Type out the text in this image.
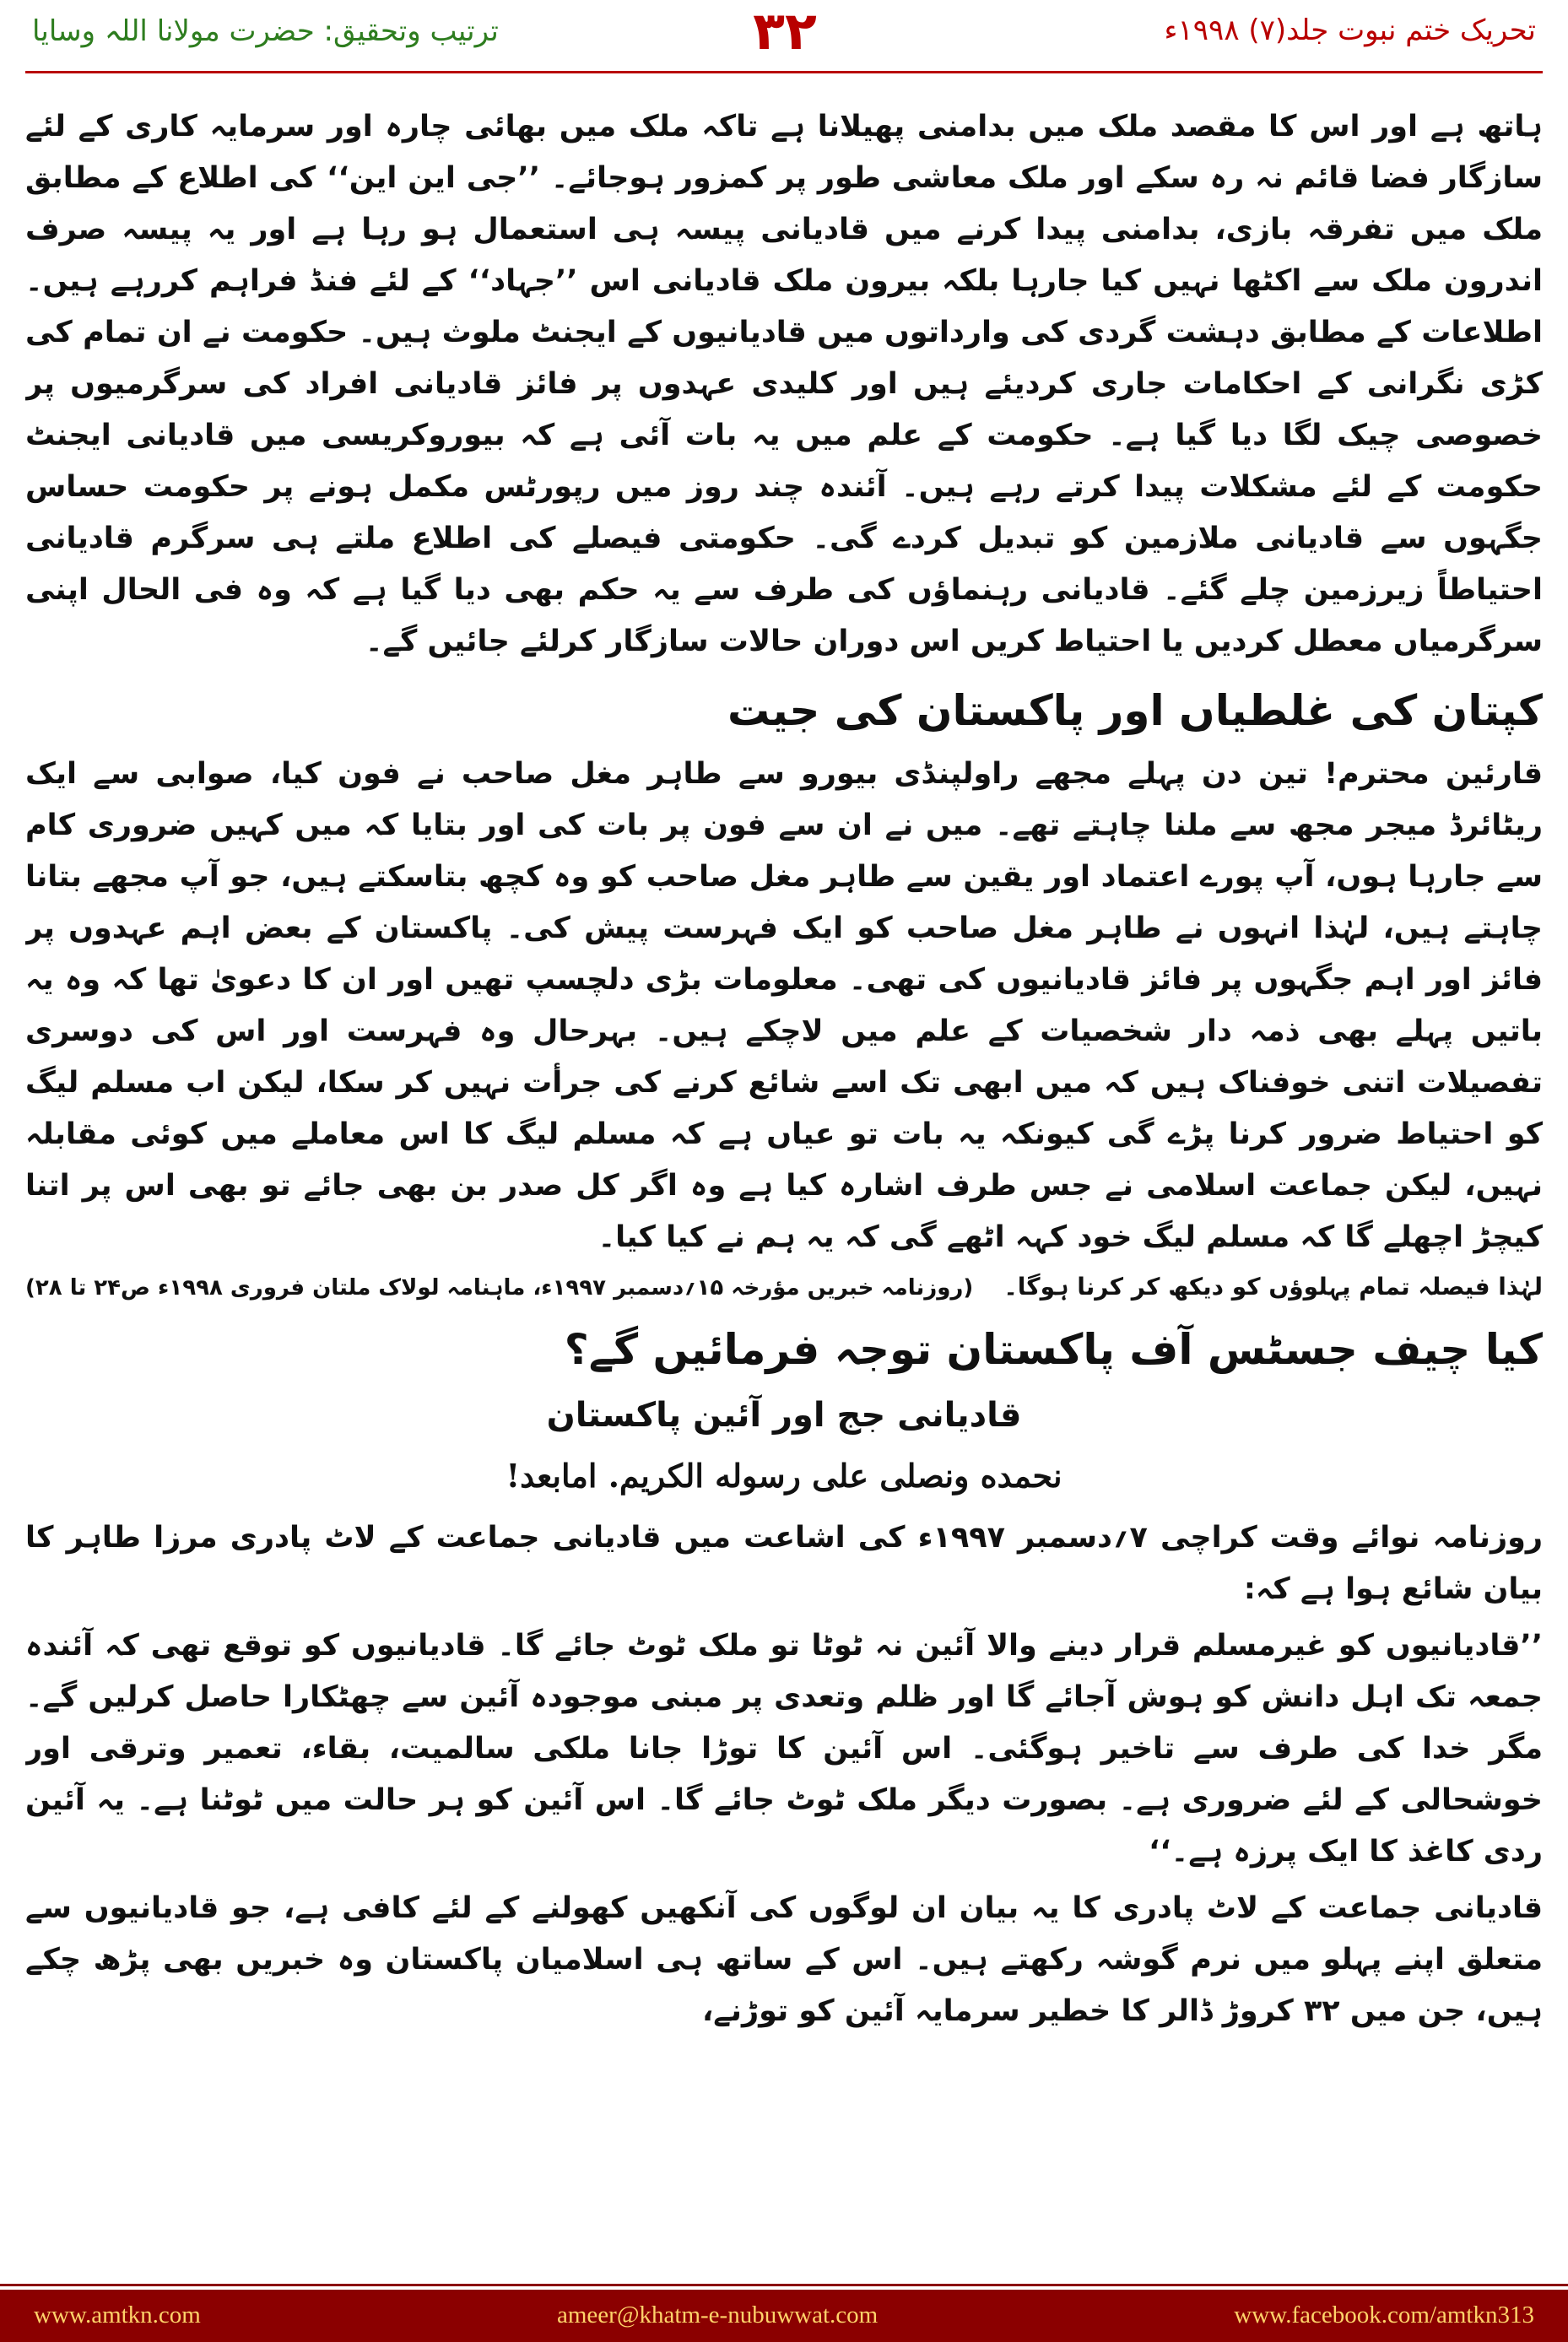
ترتیب وتحقیق: حضرت مولانا اللہ وسایا	۳۲	تحریک ختم نبوت جلد(۷) ۱۹۹۸ء

ہاتھ ہے اور اس کا مقصد ملک میں بدامنی پھیلانا ہے تاکہ ملک میں بھائی چارہ اور سرمایہ کاری کے لئے سازگار فضا قائم نہ رہ سکے اور ملک معاشی طور پر کمزور ہوجائے۔ ’’جی این این‘‘ کی اطلاع کے مطابق ملک میں تفرقہ بازی، بدامنی پیدا کرنے میں قادیانی پیسہ ہی استعمال ہو رہا ہے اور یہ پیسہ صرف اندرون ملک سے اکٹھا نہیں کیا جارہا بلکہ بیرون ملک قادیانی اس ’’جہاد‘‘ کے لئے فنڈ فراہم کررہے ہیں۔ اطلاعات کے مطابق دہشت گردی کی وارداتوں میں قادیانیوں کے ایجنٹ ملوث ہیں۔ حکومت نے ان تمام کی کڑی نگرانی کے احکامات جاری کردیئے ہیں اور کلیدی عہدوں پر فائز قادیانی افراد کی سرگرمیوں پر خصوصی چیک لگا دیا گیا ہے۔ حکومت کے علم میں یہ بات آئی ہے کہ بیوروکریسی میں قادیانی ایجنٹ حکومت کے لئے مشکلات پیدا کرتے رہے ہیں۔ آئندہ چند روز میں رپورٹس مکمل ہونے پر حکومت حساس جگہوں سے قادیانی ملازمین کو تبدیل کردے گی۔ حکومتی فیصلے کی اطلاع ملتے ہی سرگرم قادیانی احتیاطاً زیرزمین چلے گئے۔ قادیانی رہنماؤں کی طرف سے یہ حکم بھی دیا گیا ہے کہ وہ فی الحال اپنی سرگرمیاں معطل کردیں یا احتیاط کریں اس دوران حالات سازگار کرلئے جائیں گے۔

کپتان کی غلطیاں اور پاکستان کی جیت

قارئین محترم! تین دن پہلے مجھے راولپنڈی بیورو سے طاہر مغل صاحب نے فون کیا، صوابی سے ایک ریٹائرڈ میجر مجھ سے ملنا چاہتے تھے۔ میں نے ان سے فون پر بات کی اور بتایا کہ میں کہیں ضروری کام سے جارہا ہوں، آپ پورے اعتماد اور یقین سے طاہر مغل صاحب کو وہ کچھ بتاسکتے ہیں، جو آپ مجھے بتانا چاہتے ہیں، لہٰذا انہوں نے طاہر مغل صاحب کو ایک فہرست پیش کی۔ پاکستان کے بعض اہم عہدوں پر فائز اور اہم جگہوں پر فائز قادیانیوں کی تھی۔ معلومات بڑی دلچسپ تھیں اور ان کا دعویٰ تھا کہ وہ یہ باتیں پہلے بھی ذمہ دار شخصیات کے علم میں لاچکے ہیں۔ بہرحال وہ فہرست اور اس کی دوسری تفصیلات اتنی خوفناک ہیں کہ میں ابھی تک اسے شائع کرنے کی جرأت نہیں کر سکا، لیکن اب مسلم لیگ کو احتیاط ضرور کرنا پڑے گی کیونکہ یہ بات تو عیاں ہے کہ مسلم لیگ کا اس معاملے میں کوئی مقابلہ نہیں، لیکن جماعت اسلامی نے جس طرف اشارہ کیا ہے وہ اگر کل صدر بن بھی جائے تو بھی اس پر اتنا کیچڑ اچھلے گا کہ مسلم لیگ خود کہہ اٹھے گی کہ یہ ہم نے کیا کیا۔

لہٰذا فیصلہ تمام پہلوؤں کو دیکھ کر کرنا ہوگا۔
(روزنامہ خبریں مؤرخہ ۱۵؍دسمبر ۱۹۹۷ء، ماہنامہ لولاک ملتان فروری ۱۹۹۸ء ص۲۴ تا ۲۸)
کیا چیف جسٹس آف پاکستان توجہ فرمائیں گے؟
قادیانی جج اور آئین پاکستان
نحمده ونصلی علی رسوله الکریم. امابعد!

روزنامہ نوائے وقت کراچی ۷؍دسمبر ۱۹۹۷ء کی اشاعت میں قادیانی جماعت کے لاٹ پادری مرزا طاہر کا بیان شائع ہوا ہے کہ:

’’قادیانیوں کو غیرمسلم قرار دینے والا آئین نہ ٹوٹا تو ملک ٹوٹ جائے گا۔ قادیانیوں کو توقع تھی کہ آئندہ جمعہ تک اہل دانش کو ہوش آجائے گا اور ظلم وتعدی پر مبنی موجودہ آئین سے چھٹکارا حاصل کرلیں گے۔ مگر خدا کی طرف سے تاخیر ہوگئی۔ اس آئین کا توڑا جانا ملکی سالمیت، بقاء، تعمیر وترقی اور خوشحالی کے لئے ضروری ہے۔ بصورت دیگر ملک ٹوٹ جائے گا۔ اس آئین کو ہر حالت میں ٹوٹنا ہے۔ یہ آئین ردی کاغذ کا ایک پرزہ ہے۔‘‘

قادیانی جماعت کے لاٹ پادری کا یہ بیان ان لوگوں کی آنکھیں کھولنے کے لئے کافی ہے، جو قادیانیوں سے متعلق اپنے پہلو میں نرم گوشہ رکھتے ہیں۔ اس کے ساتھ ہی اسلامیان پاکستان وہ خبریں بھی پڑھ چکے ہیں، جن میں ۳۲ کروڑ ڈالر کا خطیر سرمایہ آئین کو توڑنے،

www.amtkn.com	ameer@khatm-e-nubuwwat.com	www.facebook.com/amtkn313
